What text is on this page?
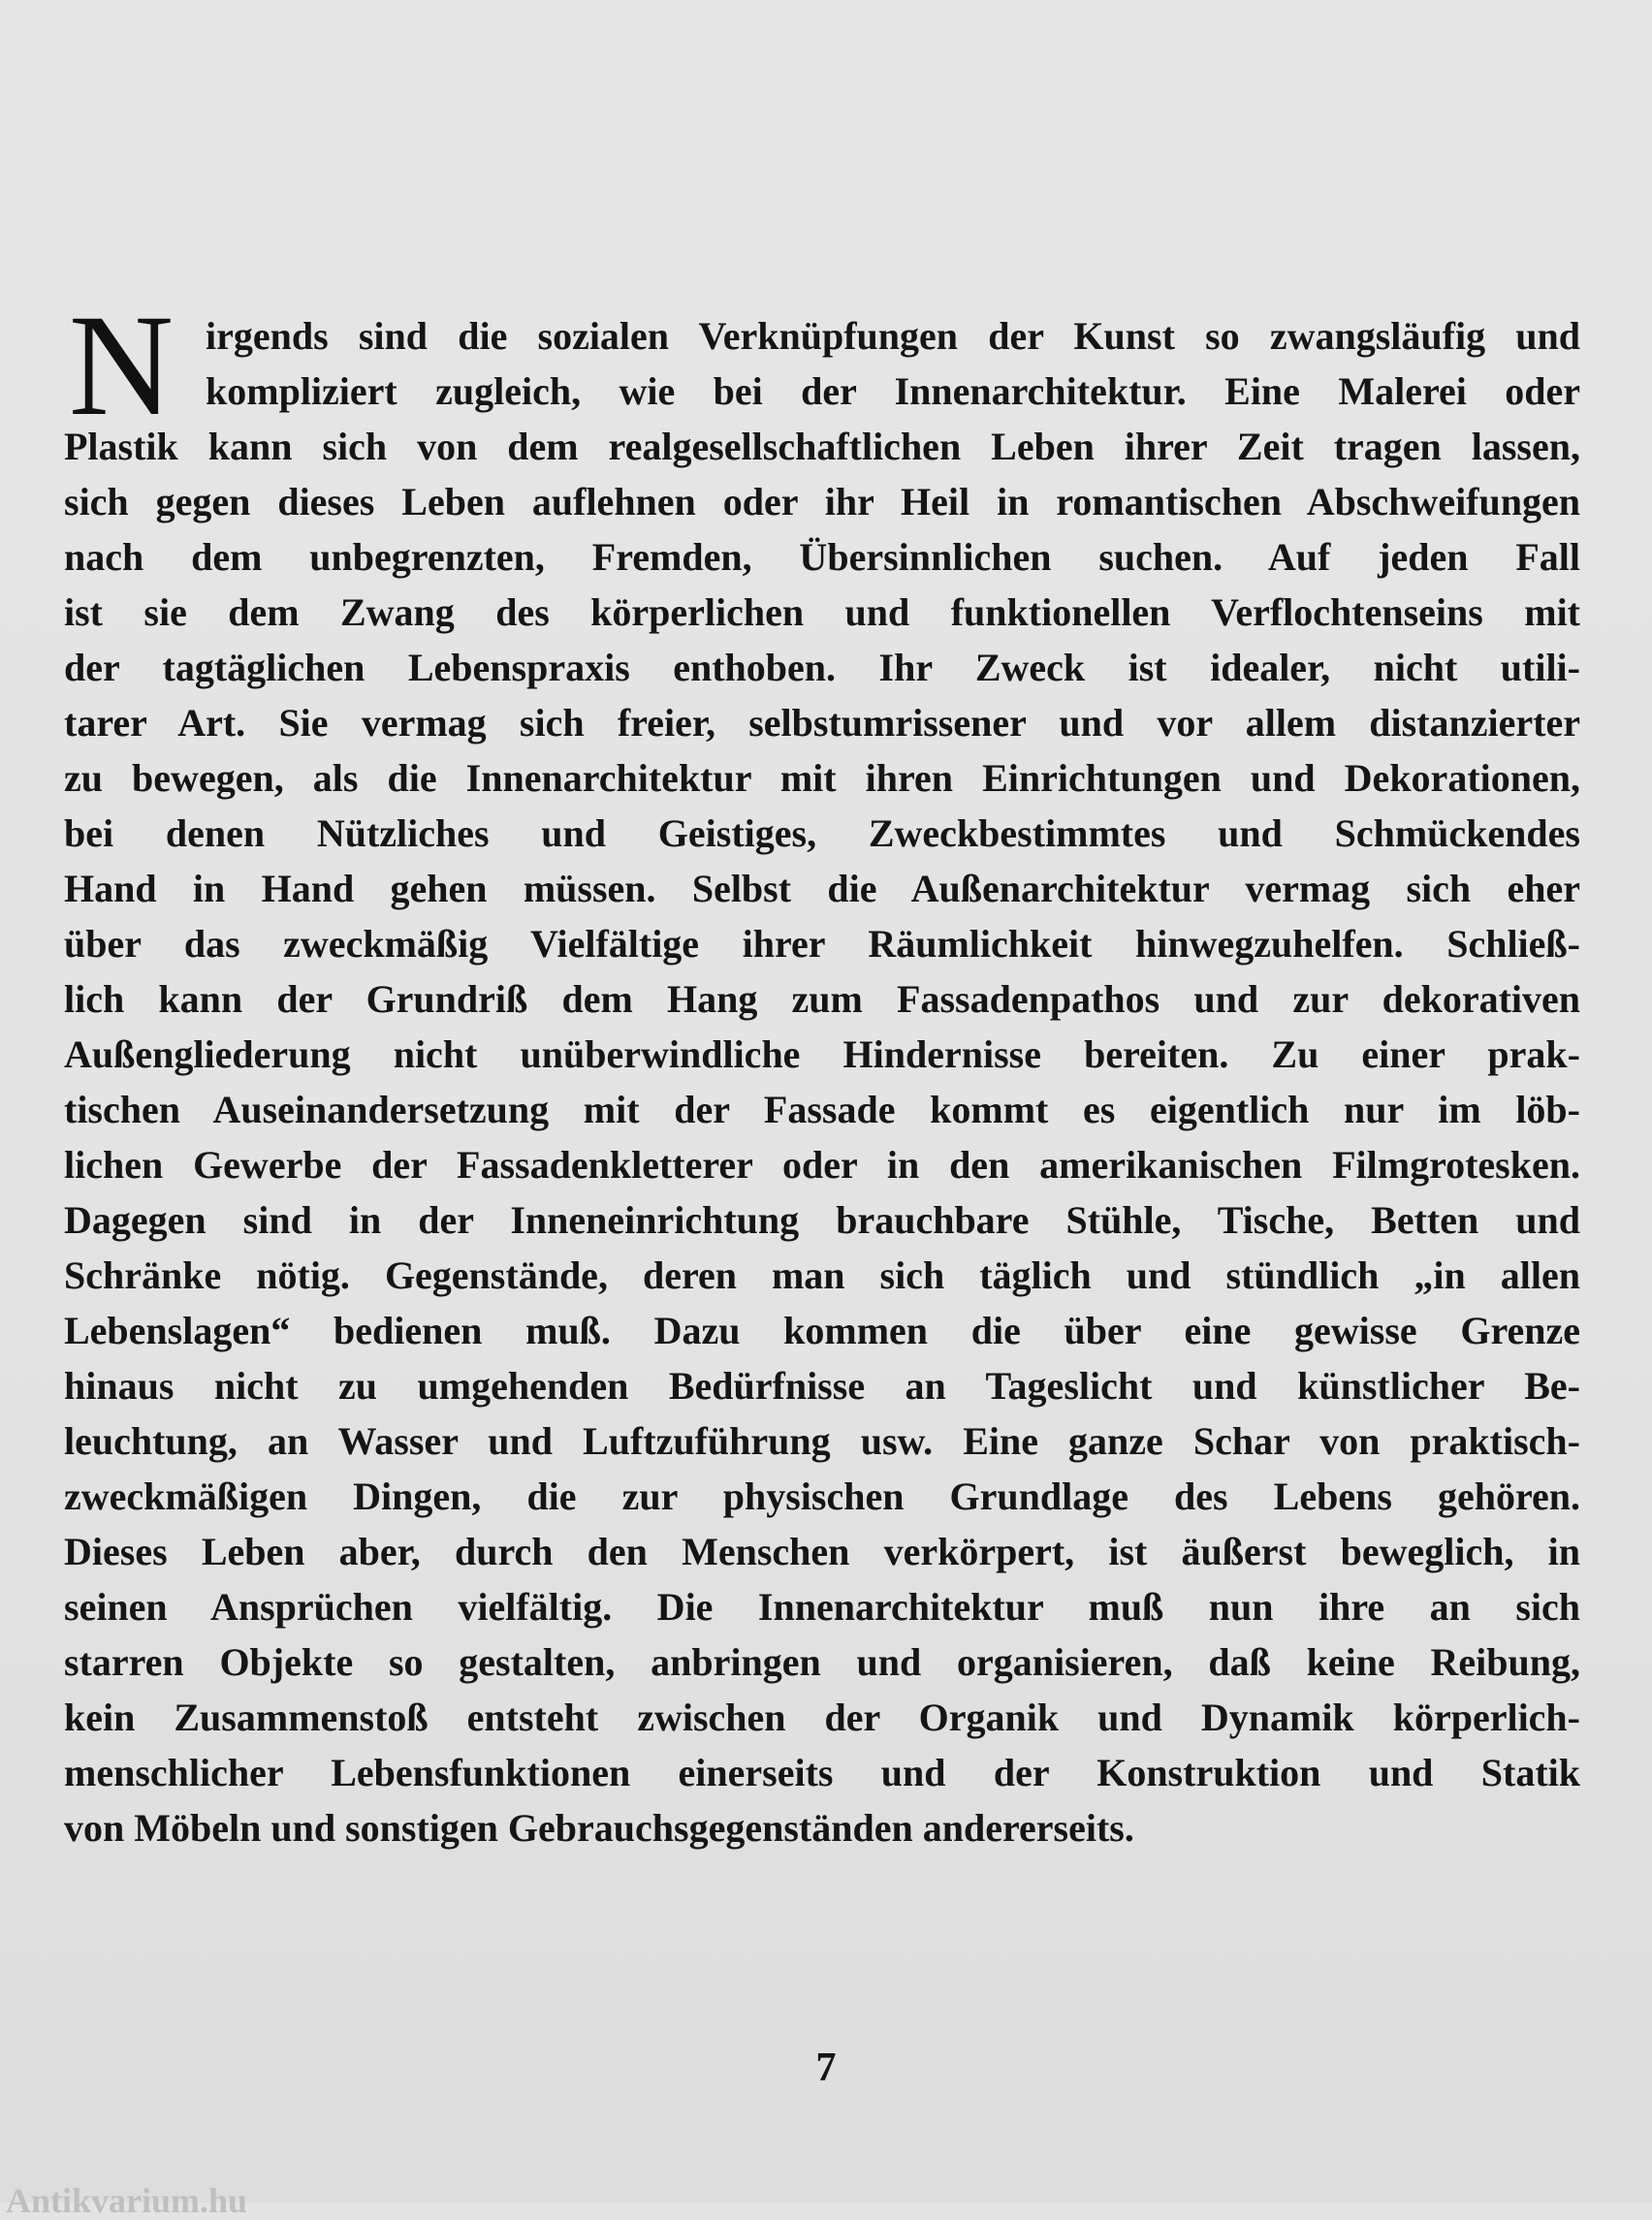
N irgends sind die sozialen Verknüpfungen der Kunst so zwangsläufig und
kompliziert zugleich, wie bei der Innenarchitektur. Eine Malerei oder
Plastik kann sich von dem realgesellschaftlichen Leben ihrer Zeit tragen lassen,
sich gegen dieses Leben auflehnen oder ihr Heil in romantischen Abschweifungen
nach dem unbegrenzten, Fremden, Übersinnlichen suchen. Auf jeden Fall
ist sie dem Zwang des körperlichen und funktionellen Verflochtenseins mit
der tagtäglichen Lebenspraxis enthoben. Ihr Zweck ist idealer, nicht utili-
tarer Art. Sie vermag sich freier, selbstumrissener und vor allem distanzierter
zu bewegen, als die Innenarchitektur mit ihren Einrichtungen und Dekorationen,
bei denen Nützliches und Geistiges, Zweckbestimmtes und Schmückendes
Hand in Hand gehen müssen. Selbst die Außenarchitektur vermag sich eher
über das zweckmäßig Vielfältige ihrer Räumlichkeit hinwegzuhelfen. Schließ-
lich kann der Grundriß dem Hang zum Fassadenpathos und zur dekorativen
Außengliederung nicht unüberwindliche Hindernisse bereiten. Zu einer prak-
tischen Auseinandersetzung mit der Fassade kommt es eigentlich nur im löb-
lichen Gewerbe der Fassadenkletterer oder in den amerikanischen Filmgrotesken.
Dagegen sind in der Inneneinrichtung brauchbare Stühle, Tische, Betten und
Schränke nötig. Gegenstände, deren man sich täglich und stündlich „in allen
Lebenslagen“ bedienen muß. Dazu kommen die über eine gewisse Grenze
hinaus nicht zu umgehenden Bedürfnisse an Tageslicht und künstlicher Be-
leuchtung, an Wasser und Luftzuführung usw. Eine ganze Schar von praktisch-
zweckmäßigen Dingen, die zur physischen Grundlage des Lebens gehören.
Dieses Leben aber, durch den Menschen verkörpert, ist äußerst beweglich, in
seinen Ansprüchen vielfältig. Die Innenarchitektur muß nun ihre an sich
starren Objekte so gestalten, anbringen und organisieren, daß keine Reibung,
kein Zusammenstoß entsteht zwischen der Organik und Dynamik körperlich-
menschlicher Lebensfunktionen einerseits und der Konstruktion und Statik
von Möbeln und sonstigen Gebrauchsgegenständen andererseits.
7
Antikvarium.hu
